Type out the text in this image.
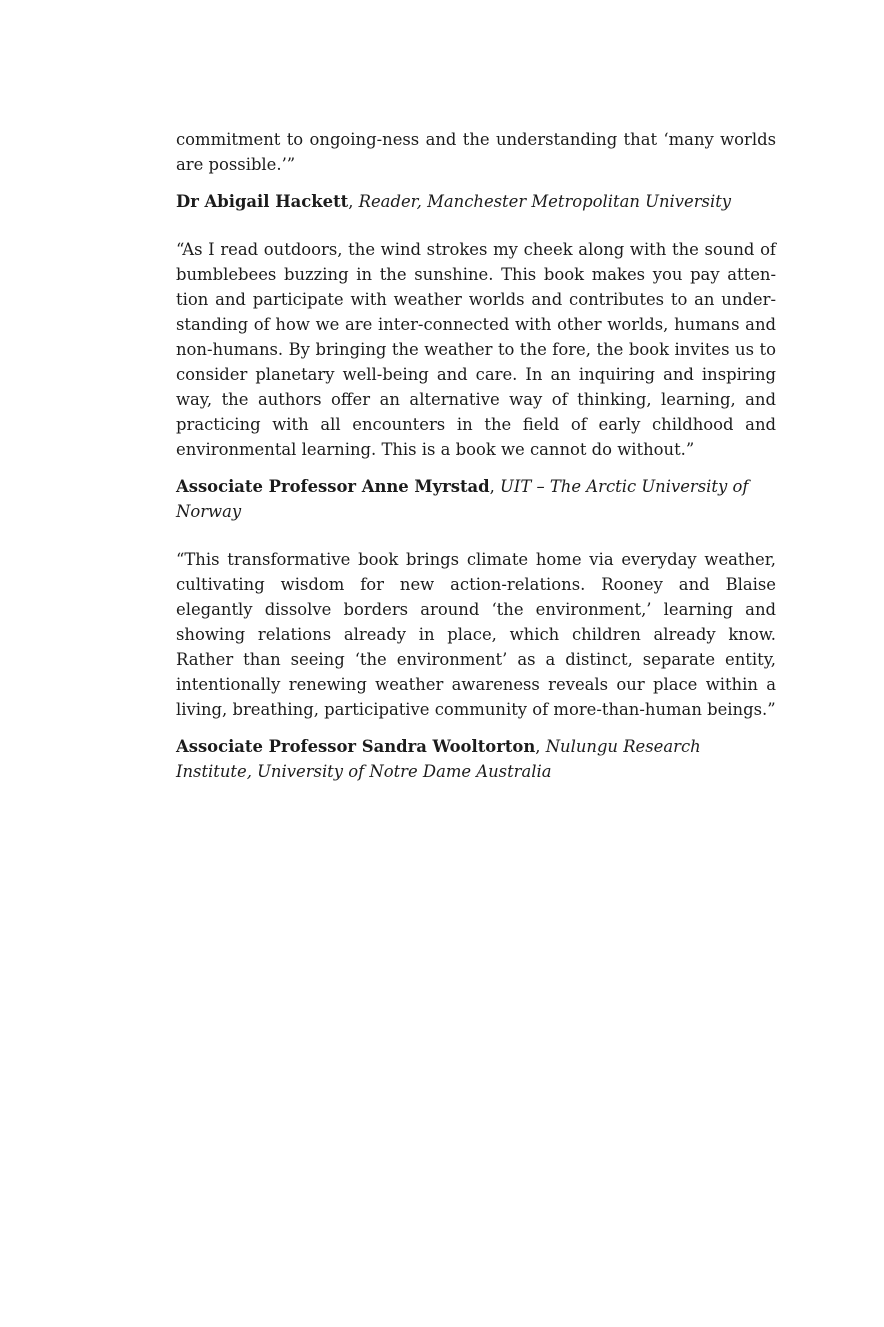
commitment to ongoing-ness and the understanding that ‘many worlds are possible.’”

Dr Abigail Hackett, Reader, Manchester Metropolitan University

“As I read outdoors, the wind strokes my cheek along with the sound of bumblebees buzzing in the sunshine. This book makes you pay attention and participate with weather worlds and contributes to an understanding of how we are inter-connected with other worlds, humans and non-humans. By bringing the weather to the fore, the book invites us to consider planetary well-being and care. In an inquiring and inspiring way, the authors offer an alternative way of thinking, learning, and practicing with all encounters in the field of early childhood and environmental learning. This is a book we cannot do without.”

Associate Professor Anne Myrstad, UIT – The Arctic University of Norway

“This transformative book brings climate home via everyday weather, cultivating wisdom for new action-relations. Rooney and Blaise elegantly dissolve borders around ‘the environment,’ learning and showing relations already in place, which children already know. Rather than seeing ‘the environment’ as a distinct, separate entity, intentionally renewing weather awareness reveals our place within a living, breathing, participative community of more-than-human beings.”

Associate Professor Sandra Wooltorton, Nulungu Research Institute, University of Notre Dame Australia
